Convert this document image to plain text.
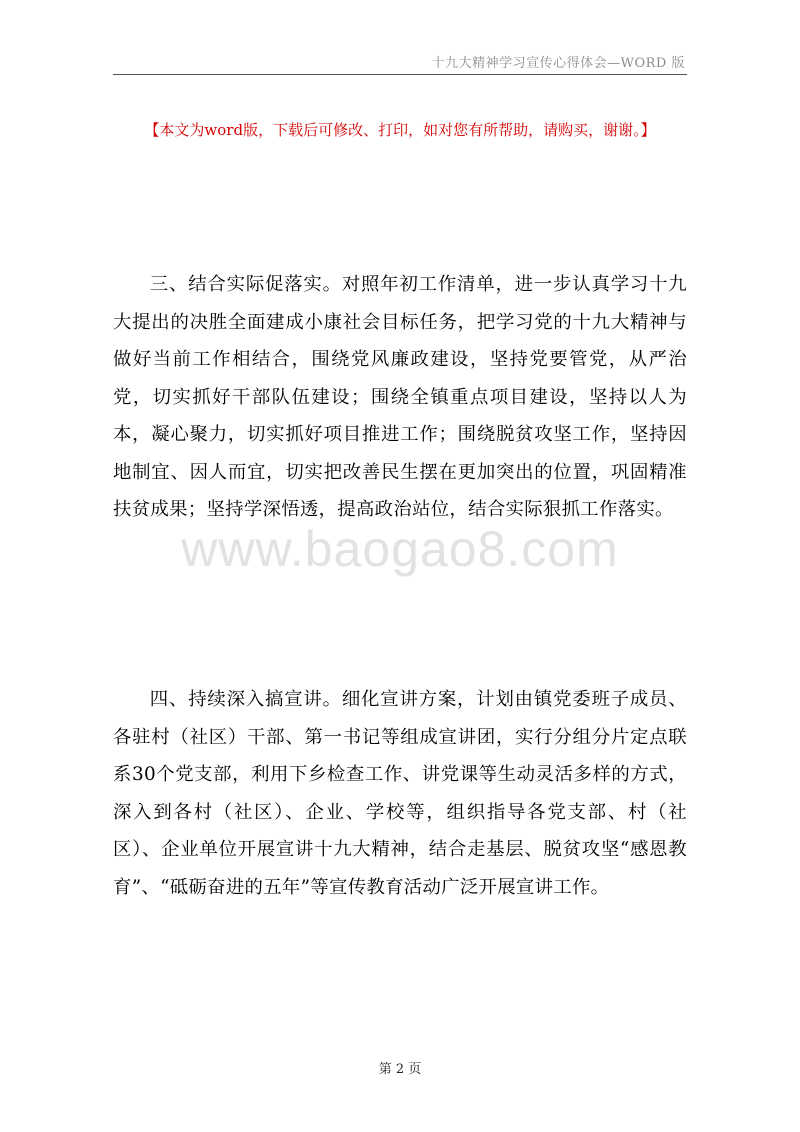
十九大精神学习宣传心得体会—WORD 版
【本文为word版，下载后可修改、打印，如对您有所帮助，请购买，谢谢。】
www.baogao8.com

三、结合实际促落实。对照年初工作清单，进一步认真学习十九大提出的决胜全面建成小康社会目标任务，把学习党的十九大精神与做好当前工作相结合，围绕党风廉政建设，坚持党要管党，从严治党，切实抓好干部队伍建设；围绕全镇重点项目建设，坚持以人为本，凝心聚力，切实抓好项目推进工作；围绕脱贫攻坚工作，坚持因地制宜、因人而宜，切实把改善民生摆在更加突出的位置，巩固精准扶贫成果；坚持学深悟透，提高政治站位，结合实际狠抓工作落实。

四、持续深入搞宣讲。细化宣讲方案，计划由镇党委班子成员、各驻村（社区）干部、第一书记等组成宣讲团，实行分组分片定点联系30个党支部，利用下乡检查工作、讲党课等生动灵活多样的方式，深入到各村（社区）、企业、学校等，组织指导各党支部、村（社区）、企业单位开展宣讲十九大精神，结合走基层、脱贫攻坚“感恩教育”、“砥砺奋进的五年”等宣传教育活动广泛开展宣讲工作。

第 2 页
